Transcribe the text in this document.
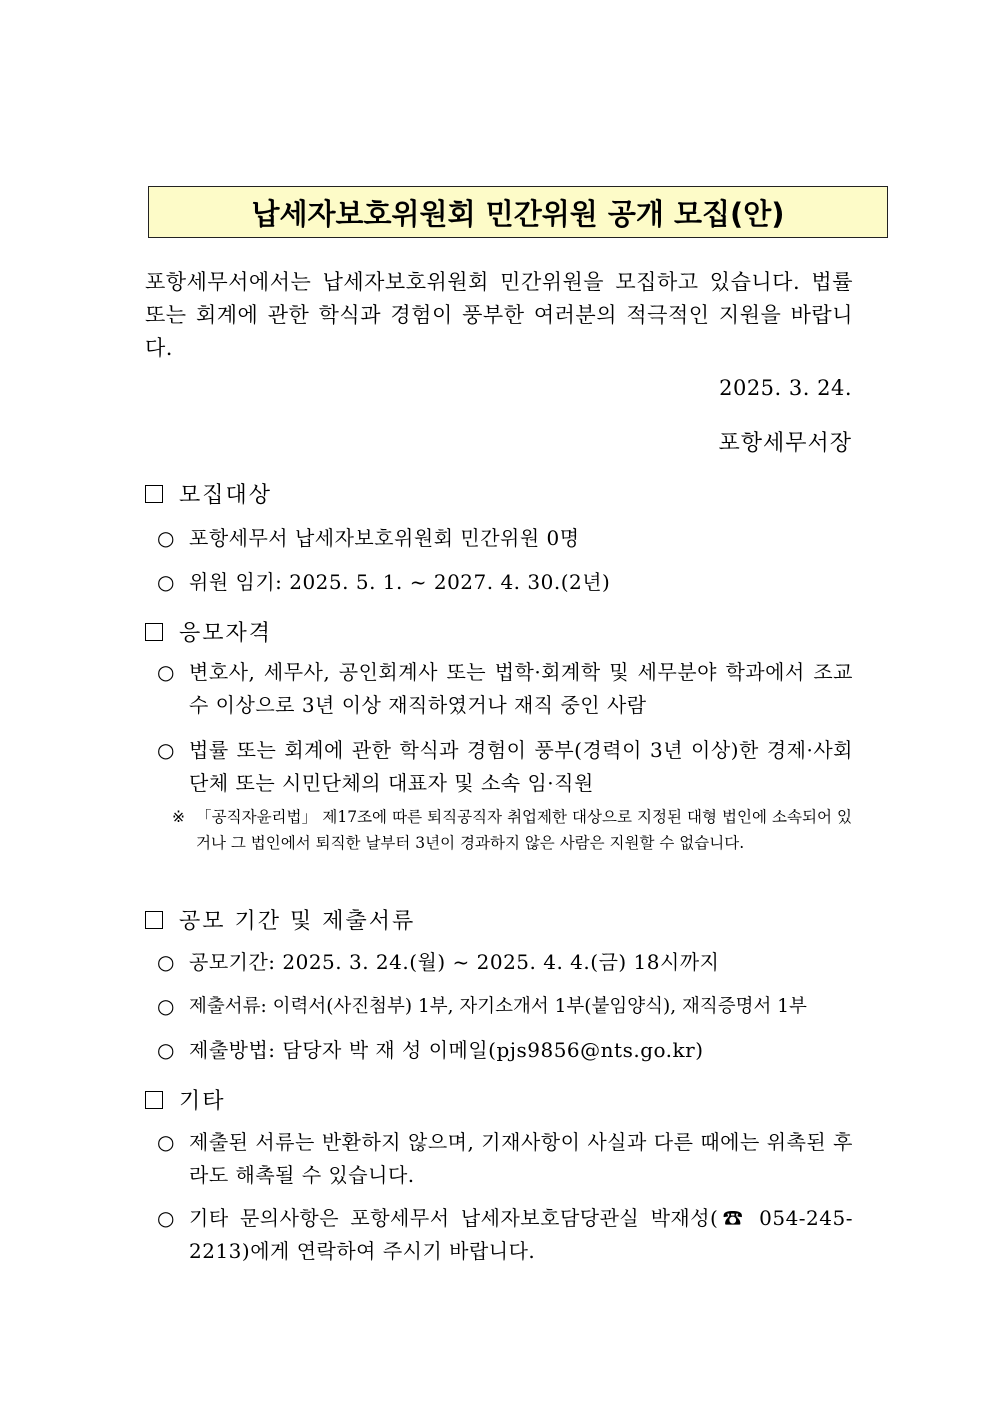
납세자보호위원회 민간위원 공개 모집(안)
포항세무서에서는 납세자보호위원회 민간위원을 모집하고 있습니다. 법률 또는 회계에 관한 학식과 경험이 풍부한 여러분의 적극적인 지원을 바랍니다.
2025. 3. 24.
포항세무서장
모집대상
○ 포항세무서 납세자보호위원회 민간위원 0명
○ 위원 임기: 2025. 5. 1. ~ 2027. 4. 30.(2년)
응모자격
○ 변호사, 세무사, 공인회계사 또는 법학·회계학 및 세무분야 학과에서 조교수 이상으로 3년 이상 재직하였거나 재직 중인 사람
○ 법률 또는 회계에 관한 학식과 경험이 풍부(경력이 3년 이상)한 경제·사회단체 또는 시민단체의 대표자 및 소속 임·직원
※ 「공직자윤리법」 제17조에 따른 퇴직공직자 취업제한 대상으로 지정된 대형 법인에 소속되어 있거나 그 법인에서 퇴직한 날부터 3년이 경과하지 않은 사람은 지원할 수 없습니다.
공모 기간 및 제출서류
○ 공모기간: 2025. 3. 24.(월) ~ 2025. 4. 4.(금) 18시까지
○ 제출서류: 이력서(사진첨부) 1부, 자기소개서 1부(붙임양식), 재직증명서 1부
○ 제출방법: 담당자 박 재 성 이메일(pjs9856@nts.go.kr)
기타
○ 제출된 서류는 반환하지 않으며, 기재사항이 사실과 다른 때에는 위촉된 후라도 해촉될 수 있습니다.
○ 기타 문의사항은 포항세무서 납세자보호담당관실 박재성(☎ 054-245-2213)에게 연락하여 주시기 바랍니다.
